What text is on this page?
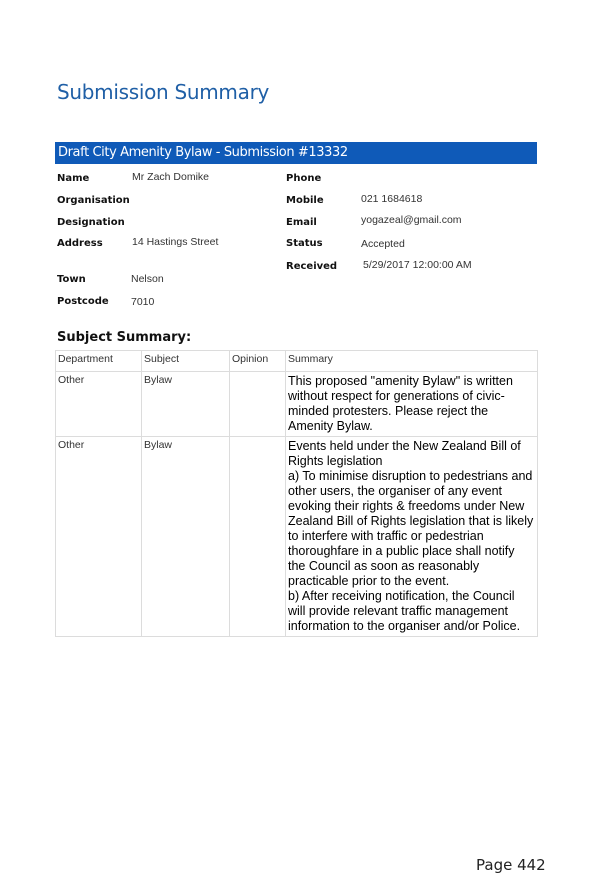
Submission Summary
Draft City Amenity Bylaw - Submission #13332
Name	Mr Zach Domike
Organisation
Designation
Address	14 Hastings Street
Town	Nelson
Postcode 7010
Phone
Mobile	021 1684618
Email	yogazeal@gmail.com
Status	Accepted
Received 5/29/2017 12:00:00 AM
Subject Summary:
Department	Subject	Opinion	Summary
Other	Bylaw		This proposed "amenity Bylaw" is written without respect for generations of civic-minded protesters. Please reject the Amenity Bylaw.

Other	Bylaw		Events held under the New Zealand Bill of Rights legislation
a) To minimise disruption to pedestrians and other users, the organiser of any event evoking their rights & freedoms under New Zealand Bill of Rights legislation that is likely to interfere with traffic or pedestrian thoroughfare in a public place shall notify the Council as soon as reasonably practicable prior to the event.
b) After receiving notification, the Council will provide relevant traffic management information to the organiser and/or Police.
Page 442
